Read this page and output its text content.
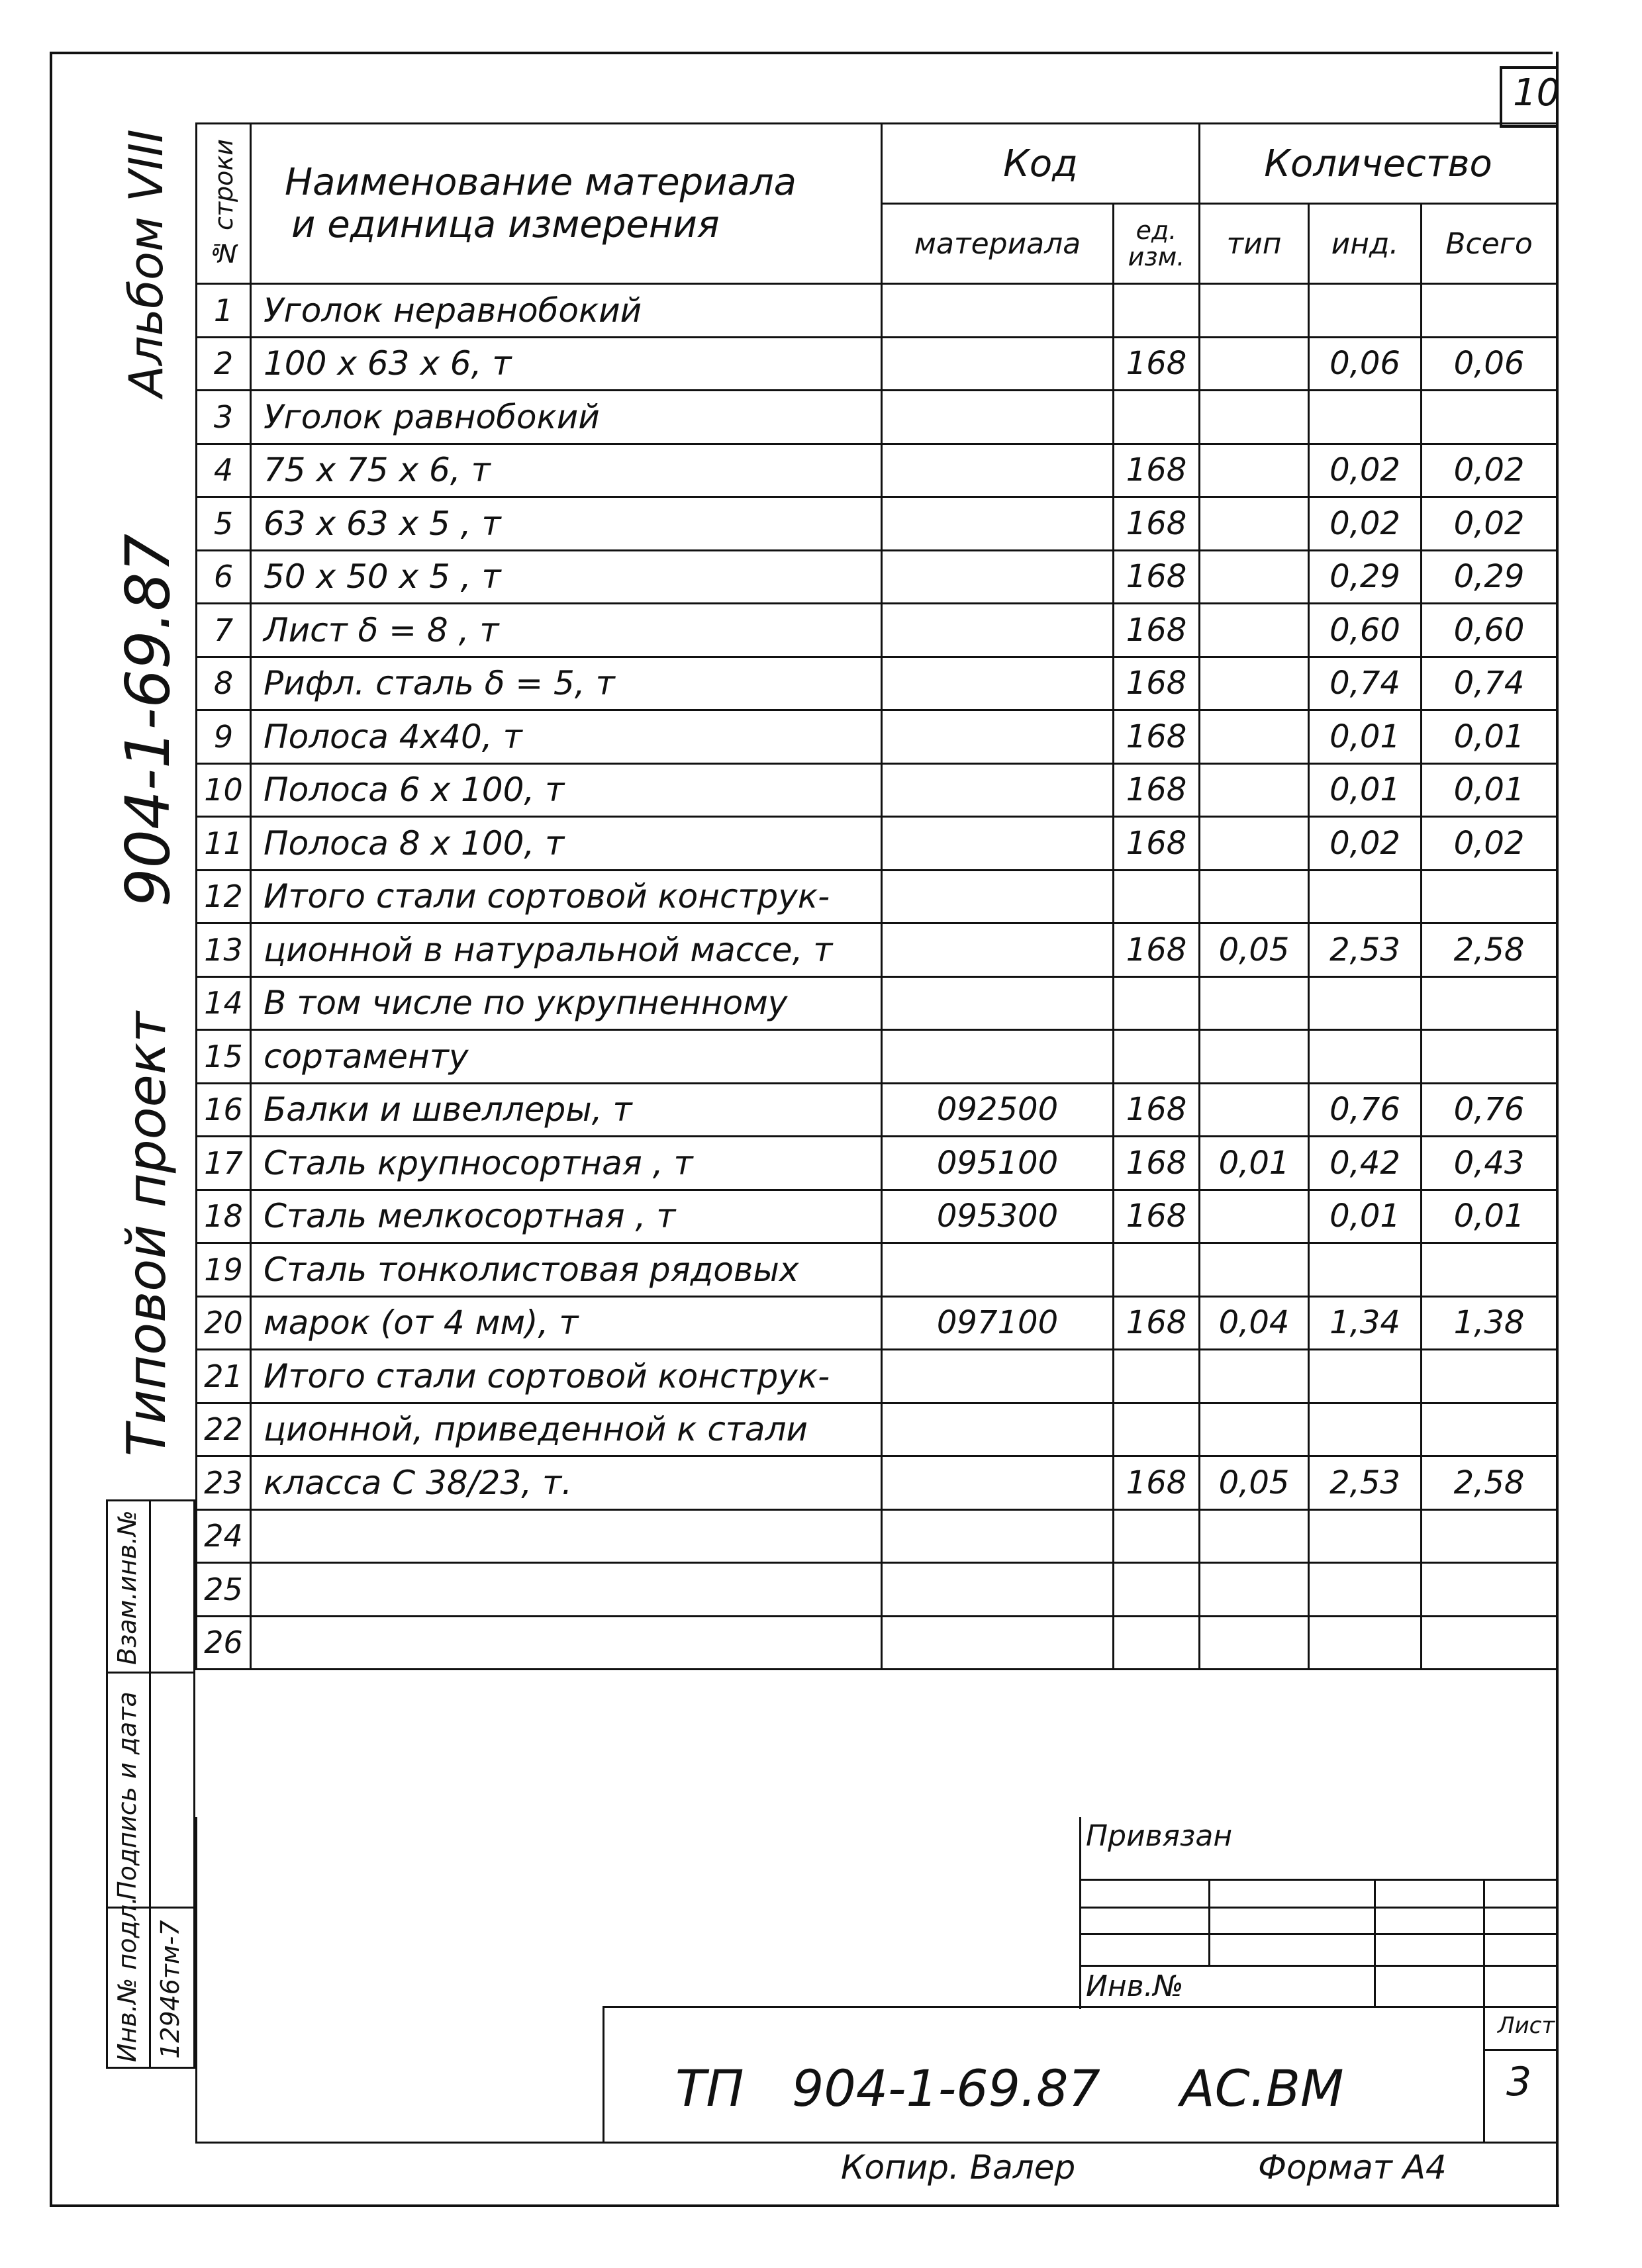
10
Альбом VIII
904-1-69.87
Типовой проект
Взам.инв.№
Подпись и дата
Инв.№ подл. 12946тм-7
№ строки	Наименование материала
и единица измерения	Код		Количество		
		материала	ед. изм.	тип	инд.	Всего
1	Уголок неравнобокий					
2	100 х 63 х 6, т		168		0,06	0,06
3	Уголок равнобокий					
4	75 х 75 х 6, т		168		0,02	0,02
5	63 х 63 х 5 , т		168		0,02	0,02
6	50 х 50 х 5 , т		168		0,29	0,29
7	Лист δ = 8 , т		168		0,60	0,60
8	Рифл. сталь δ = 5, т		168		0,74	0,74
9	Полоса 4х40, т		168		0,01	0,01
10	Полоса 6 х 100, т		168		0,01	0,01
11	Полоса 8 х 100, т		168		0,02	0,02
12	Итого стали сортовой конструк-					
13	ционной в натуральной массе, т		168	0,05	2,53	2,58
14	В том числе по укрупненному					
15	сортаменту					
16	Балки и швеллеры, т	092500	168		0,76	0,76
17	Сталь крупносортная , т	095100	168	0,01	0,42	0,43
18	Сталь мелкосортная , т	095300	168		0,01	0,01
19	Сталь тонколистовая рядовых					
20	марок (от 4 мм), т	097100	168	0,04	1,34	1,38
21	Итого стали сортовой конструк-					
22	ционной, приведенной к стали					
23	класса С 38/23, т.		168	0,05	2,53	2,58
24						
25						
26						
Привязан
Инв.№
ТП   904-1-69.87     АС.ВМ
Лист
3
Копир. Валер	Формат А4
